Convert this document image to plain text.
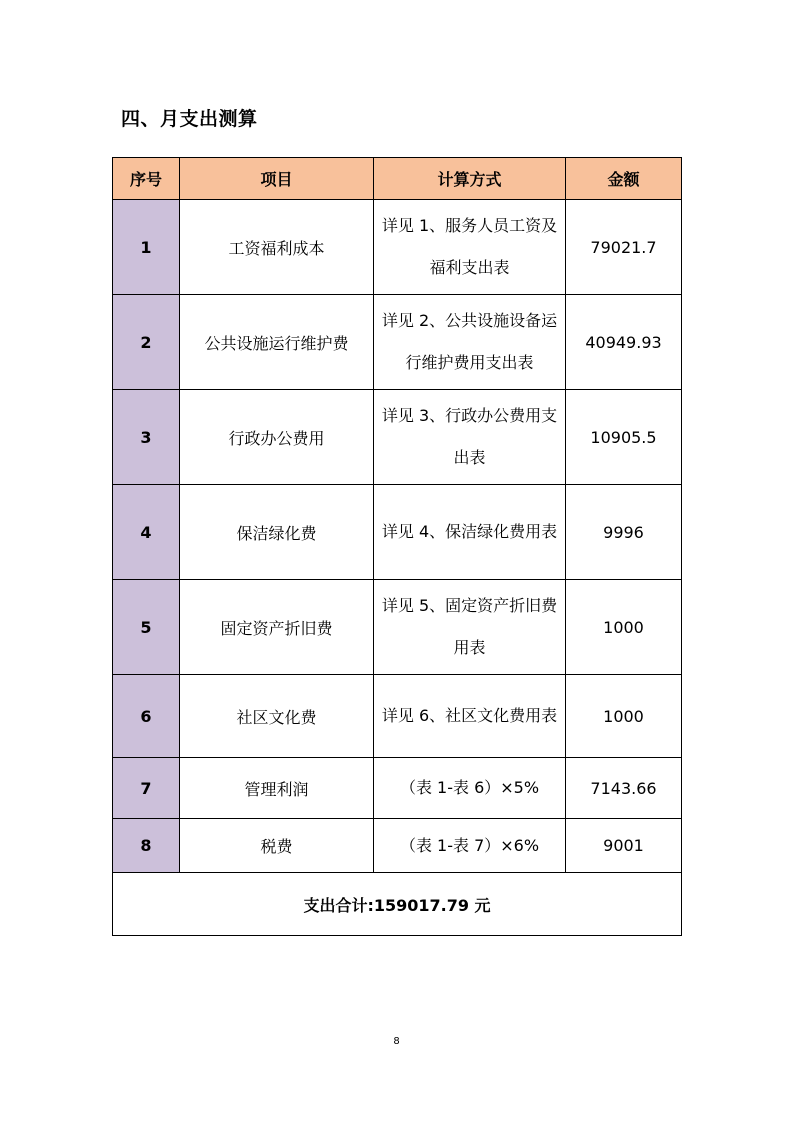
四、月支出测算
序号	项目	计算方式	金额
1	工资福利成本	详见 1、服务人员工资及福利支出表	79021.7
2	公共设施运行维护费	详见 2、公共设施设备运行维护费用支出表	40949.93
3	行政办公费用	详见 3、行政办公费用支出表	10905.5
4	保洁绿化费	详见 4、保洁绿化费用表	9996
5	固定资产折旧费	详见 5、固定资产折旧费用表	1000
6	社区文化费	详见 6、社区文化费用表	1000
7	管理利润	（表 1-表 6）×5%	7143.66
8	税费	（表 1-表 7）×6%	9001
支出合计:159017.79 元			
8
